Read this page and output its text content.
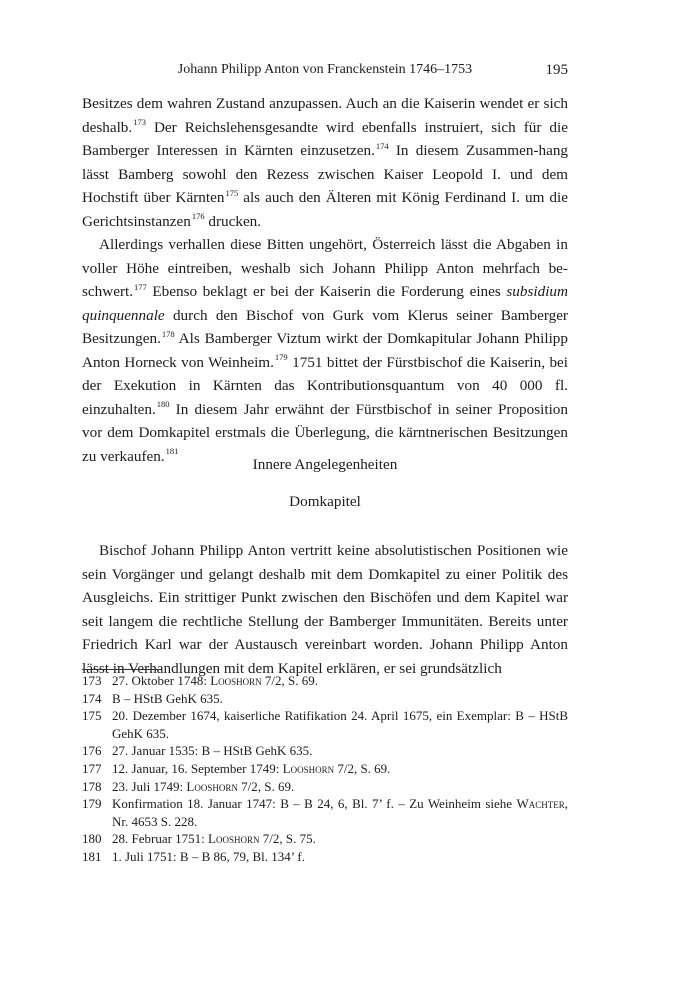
Johann Philipp Anton von Franckenstein 1746–1753	195

Besitzes dem wahren Zustand anzupassen. Auch an die Kaiserin wendet er sich deshalb.$^{173}$ Der Reichslehensgesandte wird ebenfalls instruiert, sich für die Bamberger Interessen in Kärnten einzusetzen.$^{174}$ In diesem Zusammen-hang lässt Bamberg sowohl den Rezess zwischen Kaiser Leopold I. und dem Hochstift über Kärnten$^{175}$ als auch den Älteren mit König Ferdinand I. um die Gerichtsinstanzen$^{176}$ drucken.

Allerdings verhallen diese Bitten ungehört, Österreich lässt die Abgaben in voller Höhe eintreiben, weshalb sich Johann Philipp Anton mehrfach be-schwert.$^{177}$ Ebenso beklagt er bei der Kaiserin die Forderung eines subsidium quinquennale durch den Bischof von Gurk vom Klerus seiner Bamberger Besitzungen.$^{178}$ Als Bamberger Viztum wirkt der Domkapitular Johann Philipp Anton Horneck von Weinheim.$^{179}$ 1751 bittet der Fürstbischof die Kaiserin, bei der Exekution in Kärnten das Kontributionsquantum von 40 000 fl. einzuhalten.$^{180}$ In diesem Jahr erwähnt der Fürstbischof in seiner Proposition vor dem Domkapitel erstmals die Überlegung, die kärntnerischen Besitzungen zu verkaufen.$^{181}$

Innere Angelegenheiten
Domkapitel

Bischof Johann Philipp Anton vertritt keine absolutistischen Positionen wie sein Vorgänger und gelangt deshalb mit dem Domkapitel zu einer Politik des Ausgleichs. Ein strittiger Punkt zwischen den Bischöfen und dem Kapitel war seit langem die rechtliche Stellung der Bamberger Immunitäten. Bereits unter Friedrich Karl war der Austausch vereinbart worden. Johann Philipp Anton lässt in Verhandlungen mit dem Kapitel erklären, er sei grundsätzlich

173 27. Oktober 1748: Looshorn 7/2, S. 69.
174 B – HStB GehK 635.
175 20. Dezember 1674, kaiserliche Ratifikation 24. April 1675, ein Exemplar: B – HStB GehK 635.
176 27. Januar 1535: B – HStB GehK 635.
177 12. Januar, 16. September 1749: Looshorn 7/2, S. 69.
178 23. Juli 1749: Looshorn 7/2, S. 69.
179 Konfirmation 18. Januar 1747: B – B 24, 6, Bl. 7’ f. – Zu Weinheim siehe Wachter, Nr. 4653 S. 228.
180 28. Februar 1751: Looshorn 7/2, S. 75.
181 1. Juli 1751: B – B 86, 79, Bl. 134’ f.
